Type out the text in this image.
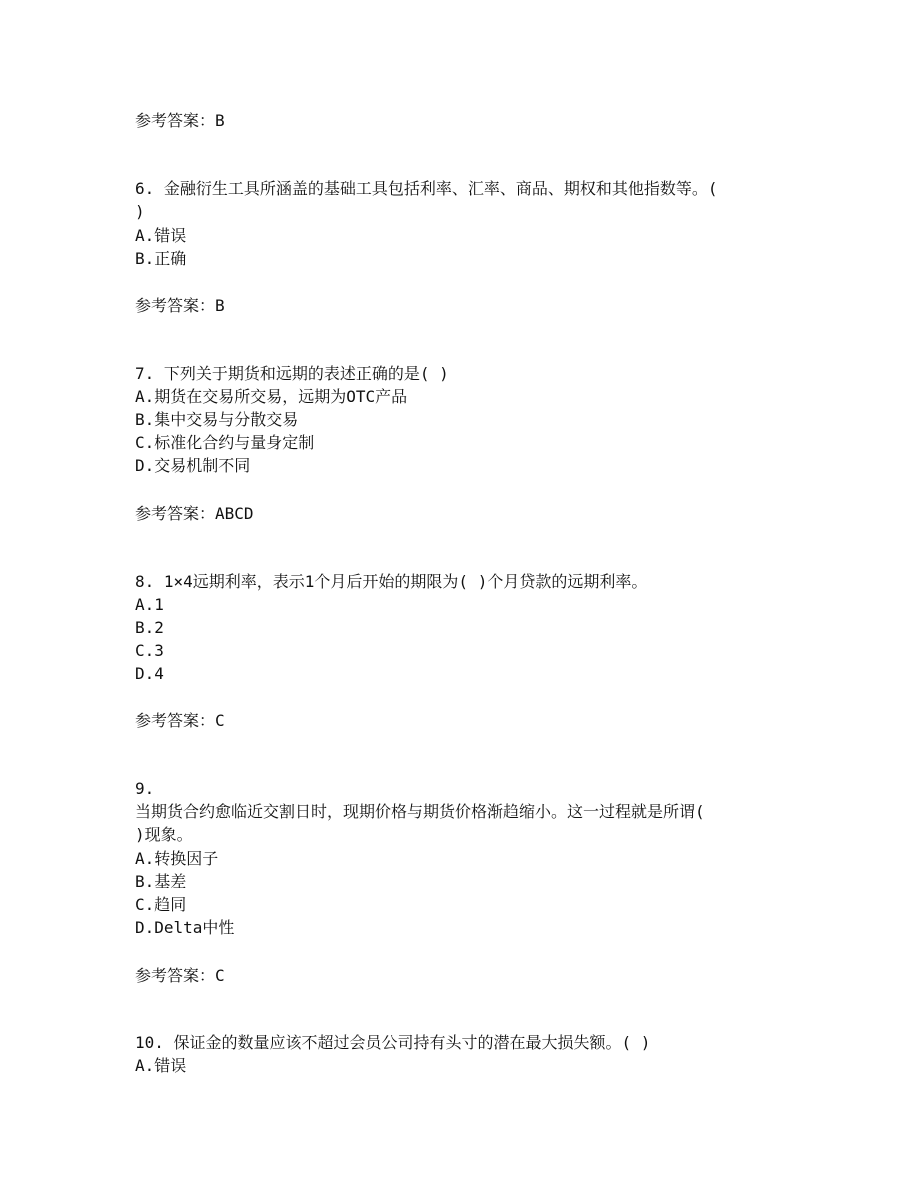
参考答案：B
6. 金融衍生工具所涵盖的基础工具包括利率、汇率、商品、期权和其他指数等。(
)
A.错误
B.正确
参考答案：B
7. 下列关于期货和远期的表述正确的是( )
A.期货在交易所交易，远期为OTC产品
B.集中交易与分散交易
C.标准化合约与量身定制
D.交易机制不同
参考答案：ABCD
8. 1×4远期利率，表示1个月后开始的期限为( )个月贷款的远期利率。
A.1
B.2
C.3
D.4
参考答案：C
9.
当期货合约愈临近交割日时，现期价格与期货价格渐趋缩小。这一过程就是所谓(
)现象。
A.转换因子
B.基差
C.趋同
D.Delta中性
参考答案：C
10. 保证金的数量应该不超过会员公司持有头寸的潜在最大损失额。( )
A.错误
